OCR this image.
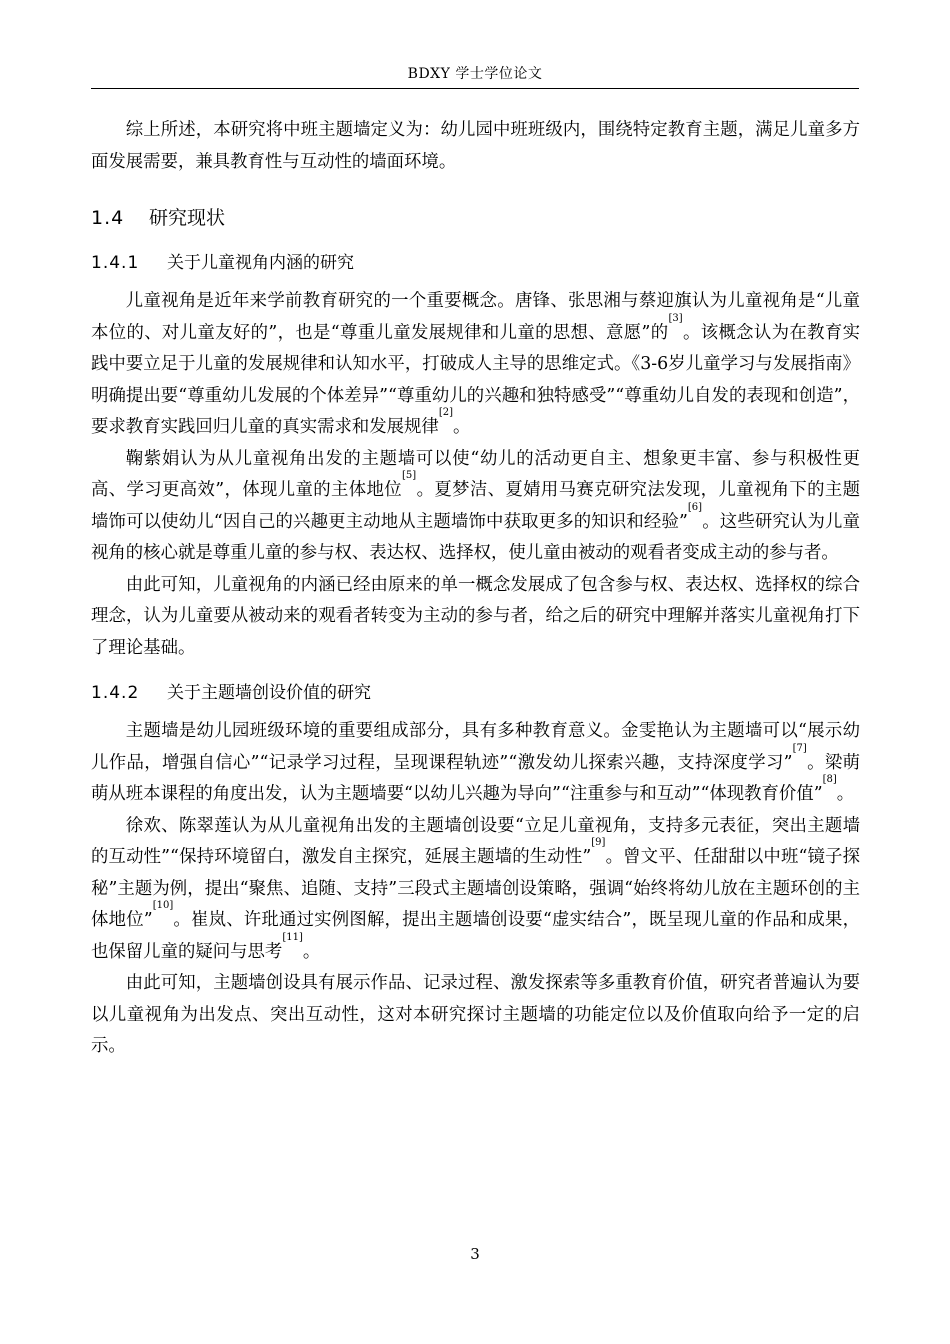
BDXY 学士学位论文

综上所述，本研究将中班主题墙定义为：幼儿园中班班级内，围绕特定教育主题，满足儿童多方面发展需要，兼具教育性与互动性的墙面环境。

1.4 研究现状
1.4.1 关于儿童视角内涵的研究

儿童视角是近年来学前教育研究的一个重要概念。唐锋、张思湘与蔡迎旗认为儿童视角是“儿童本位的、对儿童友好的”，也是“尊重儿童发展规律和儿童的思想、意愿”的[3]。该概念认为在教育实践中要立足于儿童的发展规律和认知水平，打破成人主导的思维定式。《3-6岁儿童学习与发展指南》明确提出要“尊重幼儿发展的个体差异”“尊重幼儿的兴趣和独特感受”“尊重幼儿自发的表现和创造”，要求教育实践回归儿童的真实需求和发展规律[2]。

鞠紫娟认为从儿童视角出发的主题墙可以使“幼儿的活动更自主、想象更丰富、参与积极性更高、学习更高效”，体现儿童的主体地位[5]。夏梦洁、夏婧用马赛克研究法发现，儿童视角下的主题墙饰可以使幼儿“因自己的兴趣更主动地从主题墙饰中获取更多的知识和经验”[6]。这些研究认为儿童视角的核心就是尊重儿童的参与权、表达权、选择权，使儿童由被动的观看者变成主动的参与者。

由此可知，儿童视角的内涵已经由原来的单一概念发展成了包含参与权、表达权、选择权的综合理念，认为儿童要从被动来的观看者转变为主动的参与者，给之后的研究中理解并落实儿童视角打下了理论基础。

1.4.2 关于主题墙创设价值的研究

主题墙是幼儿园班级环境的重要组成部分，具有多种教育意义。金雯艳认为主题墙可以“展示幼儿作品，增强自信心”“记录学习过程，呈现课程轨迹”“激发幼儿探索兴趣，支持深度学习”[7]。梁萌萌从班本课程的角度出发，认为主题墙要“以幼儿兴趣为导向”“注重参与和互动”“体现教育价值”[8]。

徐欢、陈翠莲认为从儿童视角出发的主题墙创设要“立足儿童视角，支持多元表征，突出主题墙的互动性”“保持环境留白，激发自主探究，延展主题墙的生动性”[9]。曾文平、任甜甜以中班“镜子探秘”主题为例，提出“聚焦、追随、支持”三段式主题墙创设策略，强调“始终将幼儿放在主题环创的主体地位”[10]。崔岚、许玭通过实例图解，提出主题墙创设要“虚实结合”，既呈现儿童的作品和成果，也保留儿童的疑问与思考[11]。

由此可知，主题墙创设具有展示作品、记录过程、激发探索等多重教育价值，研究者普遍认为要以儿童视角为出发点、突出互动性，这对本研究探讨主题墙的功能定位以及价值取向给予一定的启示。

3
